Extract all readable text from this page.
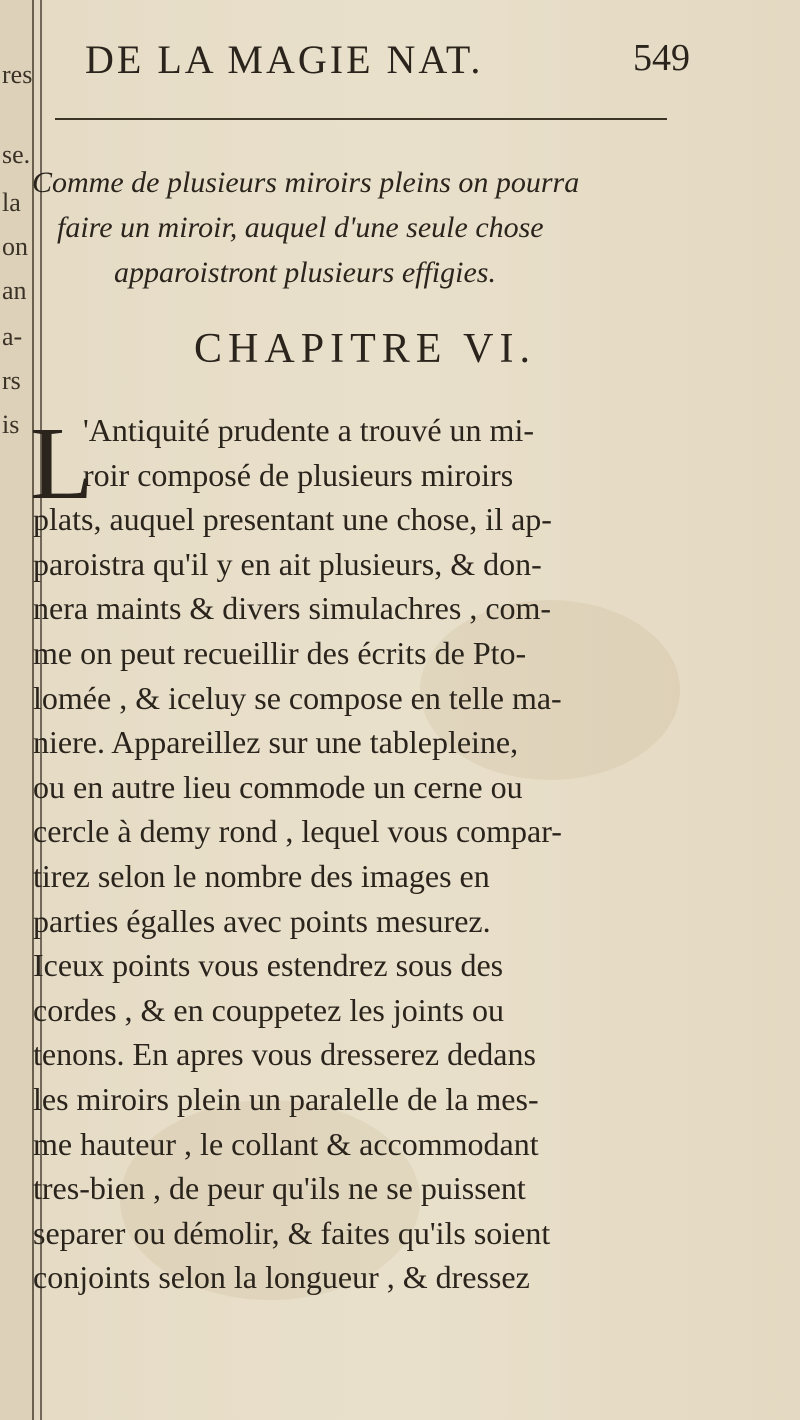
res
se.
la
on
an
a-
rs
is
DE LA MAGIE NAT.	549
Comme de plusieurs miroirs pleins on pourra
faire un miroir, auquel d'une seule chose
apparoistront plusieurs effigies.
CHAPITRE VI.
L
'Antiquité prudente a trouvé un mi-
roir composé de plusieurs miroirs
plats, auquel presentant une chose, il ap-
paroistra qu'il y en ait plusieurs, & don-
nera maints & divers simulachres , com-
me on peut recueillir des écrits de Pto-
lomée , & iceluy se compose en telle ma-
niere. Appareillez sur une tablepleine,
ou en autre lieu commode un cerne ou
cercle à demy rond , lequel vous compar-
tirez selon le nombre des images en
parties égalles avec points mesurez.
Iceux points vous estendrez sous des
cordes , & en couppetez les joints ou
tenons. En apres vous dresserez dedans
les miroirs plein un paralelle de la mes-
me hauteur , le collant & accommodant
tres-bien , de peur qu'ils ne se puissent
separer ou démolir, & faites qu'ils soient
conjoints selon la longueur , & dressez
